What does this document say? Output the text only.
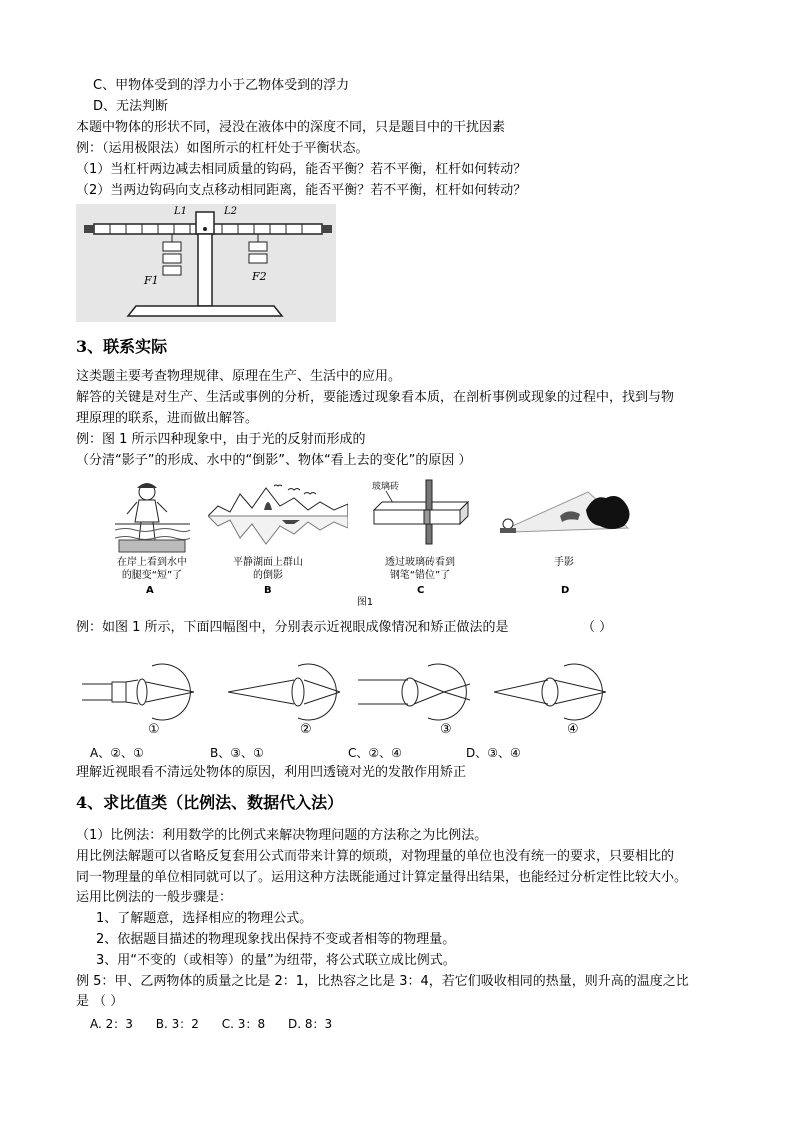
C、甲物体受到的浮力小于乙物体受到的浮力
D、无法判断
本题中物体的形状不同，浸没在液体中的深度不同，只是题目中的干扰因素
例：（运用极限法）如图所示的杠杆处于平衡状态。
（1）当杠杆两边减去相同质量的钩码，能否平衡？若不平衡，杠杆如何转动？
（2）当两边钩码向支点移动相同距离，能否平衡？若不平衡，杠杆如何转动？
L1	L2
F1	F2
3、联系实际
这类题主要考查物理规律、原理在生产、生活中的应用。
解答的关键是对生产、生活或事例的分析，要能透过现象看本质，在剖析事例或现象的过程中，找到与物
理原理的联系，进而做出解答。
例：图 1 所示四种现象中，由于光的反射而形成的
（分清“影子”的形成、水中的“倒影”、物体“看上去的变化”的原因 ）
玻璃砖
在岸上看到水中
的腿变“短”了
平静湖面上群山
的倒影
透过玻璃砖看到
钢笔“错位”了
手影
A	B	C	D
图1
例：如图 1 所示，下面四幅图中，分别表示近视眼成像情况和矫正做法的是	（ ）
①	②	③	④
A、②、①	B、③、①	C、②、④	D、③、④
理解近视眼看不清远处物体的原因，利用凹透镜对光的发散作用矫正
4、求比值类（比例法、数据代入法）
（1）比例法：利用数学的比例式来解决物理问题的方法称之为比例法。
用比例法解题可以省略反复套用公式而带来计算的烦琐，对物理量的单位也没有统一的要求，只要相比的
同一物理量的单位相同就可以了。运用这种方法既能通过计算定量得出结果，也能经过分析定性比较大小。
运用比例法的一般步骤是：
1、了解题意，选择相应的物理公式。
2、依据题目描述的物理现象找出保持不变或者相等的物理量。
3、用“不变的（或相等）的量”为纽带，将公式联立成比例式。
例 5：甲、乙两物体的质量之比是 2：1，比热容之比是 3：4，若它们吸收相同的热量，则升高的温度之比
是 （ ）
A. 2：3      B. 3：2      C. 3：8      D. 8：3
